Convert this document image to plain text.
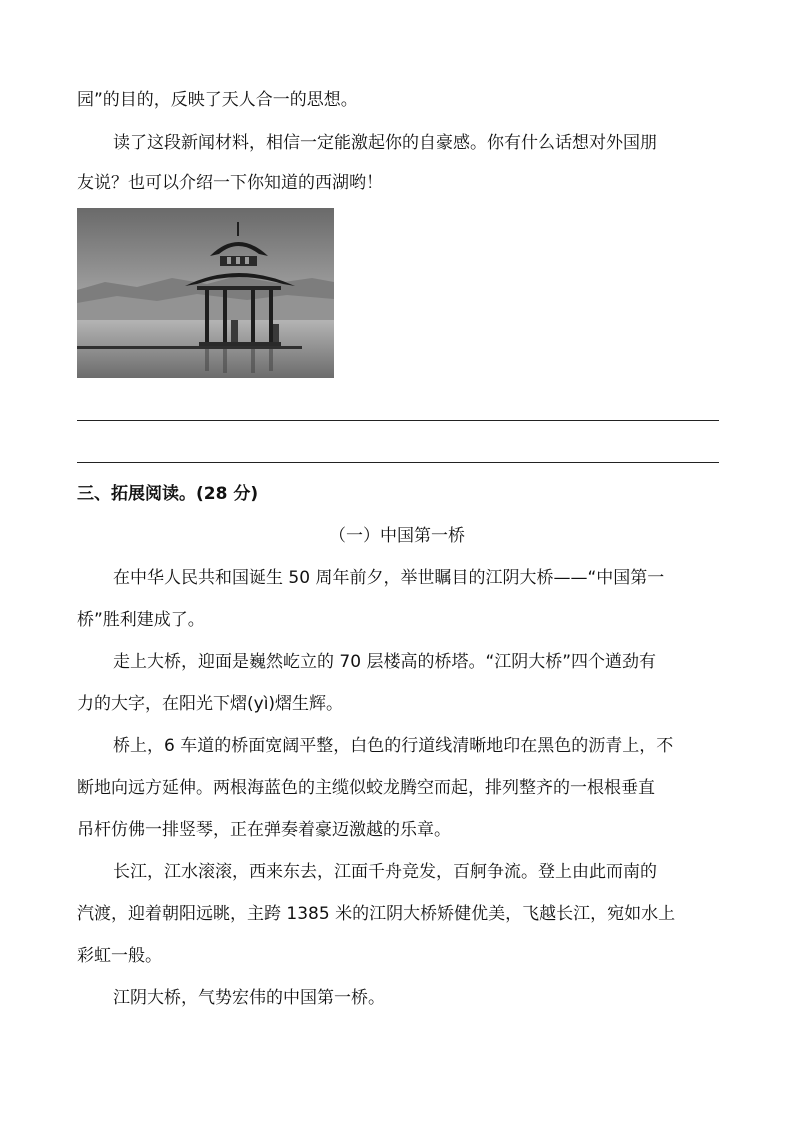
园”的目的，反映了天人合一的思想。
读了这段新闻材料，相信一定能激起你的自豪感。你有什么话想对外国朋
友说？也可以介绍一下你知道的西湖哟！
三、拓展阅读。(28 分)
（一）中国第一桥
在中华人民共和国诞生 50 周年前夕，举世瞩目的江阴大桥——“中国第一
桥”胜利建成了。
走上大桥，迎面是巍然屹立的 70 层楼高的桥塔。“江阴大桥”四个遒劲有
力的大字，在阳光下熠(yì)熠生辉。
桥上，6 车道的桥面宽阔平整，白色的行道线清晰地印在黑色的沥青上，不
断地向远方延伸。两根海蓝色的主缆似蛟龙腾空而起，排列整齐的一根根垂直
吊杆仿佛一排竖琴，正在弹奏着豪迈激越的乐章。
长江，江水滚滚，西来东去，江面千舟竞发，百舸争流。登上由此而南的
汽渡，迎着朝阳远眺，主跨 1385 米的江阴大桥矫健优美，飞越长江，宛如水上
彩虹一般。
江阴大桥，气势宏伟的中国第一桥。
